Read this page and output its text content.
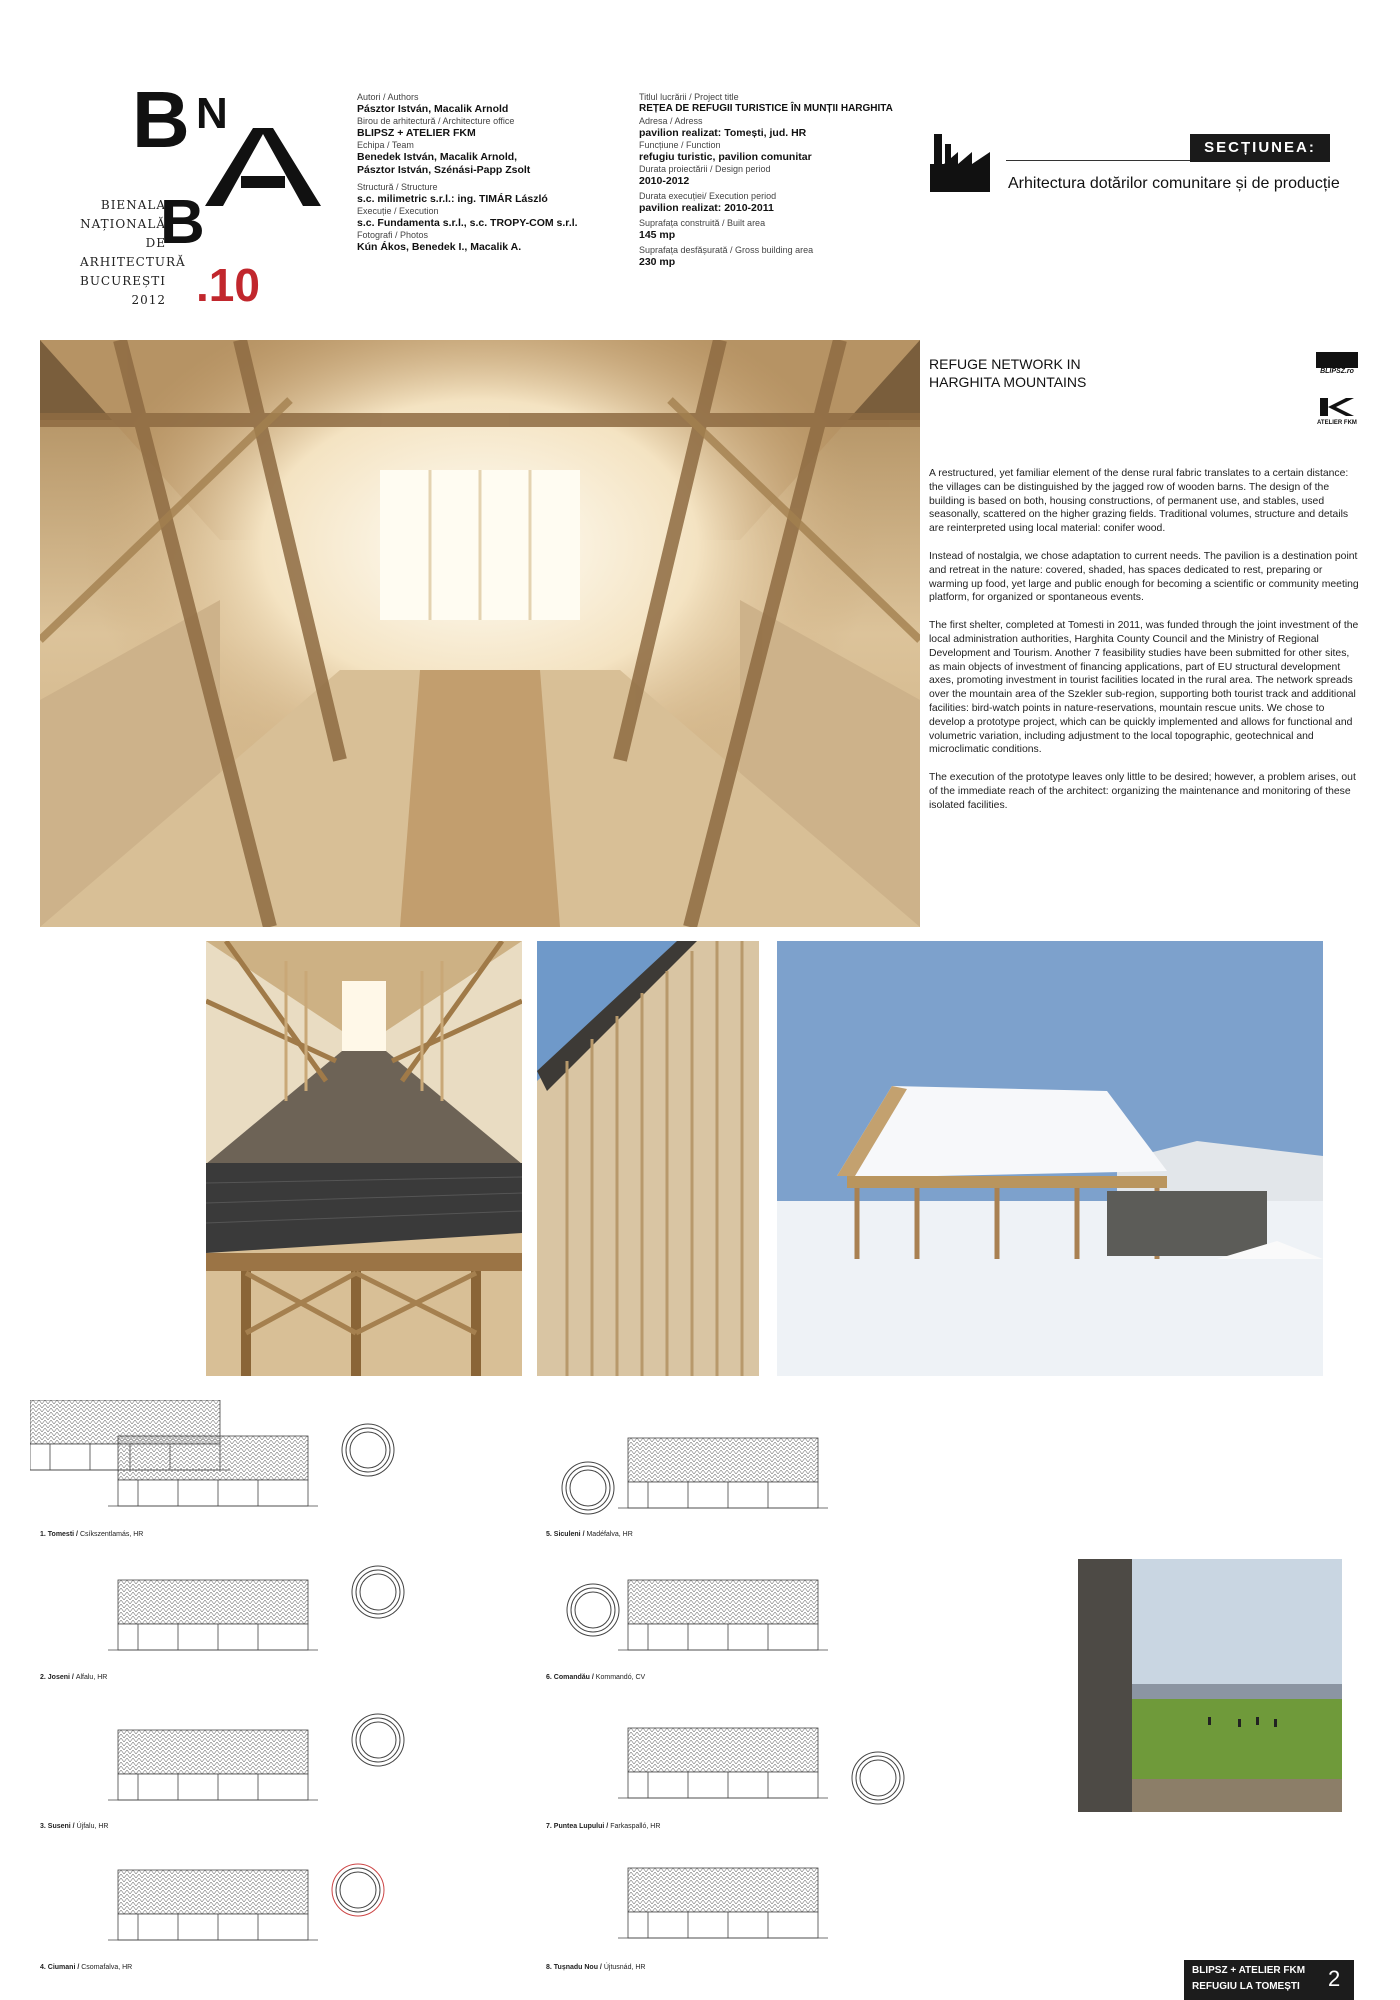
B N
B
.10
BIENALA
NAȚIONALĂ
DE
ARHITECTURĂ
BUCUREȘTI
2012
Autori / Authors
Pásztor István, Macalik Arnold
Birou de arhitectură / Architecture office
BLIPSZ + ATELIER FKM
Echipa / Team
Benedek István, Macalik Arnold,
Pásztor István, Szénási-Papp Zsolt
Structură / Structure
s.c. milimetric s.r.l.: ing. TIMÁR László
Execuție / Execution
s.c. Fundamenta s.r.l., s.c. TROPY-COM s.r.l.
Fotografi / Photos
Kún Ákos, Benedek I., Macalik A.
Titlul lucrării / Project title
REȚEA DE REFUGII TURISTICE ÎN MUNȚII HARGHITA
Adresa / Adress
pavilion realizat: Tomești, jud. HR
Funcțiune / Function
refugiu turistic, pavilion comunitar
Durata proiectării / Design period
2010-2012
Durata execuției/ Execution period
pavilion realizat: 2010-2011
Suprafața construită / Built area
145 mp
Suprafața desfășurată / Gross building area
230 mp
SECȚIUNEA:
Arhitectura dotărilor comunitare și de producție
REFUGE NETWORK IN
HARGHITA MOUNTAINS
BLIPSZ.ro
ATELIER FKM

A restructured, yet familiar element of the dense rural fabric translates to a certain distance: the villages can be distinguished by the jagged row of wooden barns. The design of the building is based on both, housing constructions, of permanent use, and stables, used seasonally, scattered on the higher grazing fields. Traditional volumes, structure and details are reinterpreted using local material: conifer wood.

Instead of nostalgia, we chose adaptation to current needs. The pavilion is a destination point and retreat in the nature: covered, shaded, has spaces dedicated to rest, preparing or warming up food, yet large and public enough for becoming a scientific or community meeting platform, for organized or spontaneous events.

The first shelter, completed at Tomesti in 2011, was funded through the joint investment of the local administration authorities, Harghita County Council and the Ministry of Regional Development and Tourism. Another 7 feasibility studies have been submitted for other sites, as main objects of investment of financing applications, part of EU structural development axes, promoting investment in tourist facilities located in the rural area. The network spreads over the mountain area of the Szekler sub-region, supporting both tourist track and additional facilities: bird-watch points in nature-reservations, mountain rescue units. We chose to develop a prototype project, which can be quickly implemented and allows for functional and volumetric variation, including adjustment to the local topographic, geotechnical and microclimatic conditions.

The execution of the prototype leaves only little to be desired; however, a problem arises, out of the immediate reach of the architect: organizing the maintenance and monitoring of these isolated facilities.

1. Tomesti / Csíkszentlamás, HR
2. Joseni / Alfalu, HR
3. Suseni / Újfalu, HR
4. Ciumani / Csomafalva, HR
5. Siculeni / Madéfalva, HR
6. Comandău / Kommandó, CV
7. Puntea Lupului / Farkaspalló, HR
8. Tușnadu Nou / Újtusnád, HR	BLIPSZ + ATELIER FKM
REFUGIU LA TOMEȘTI 2
